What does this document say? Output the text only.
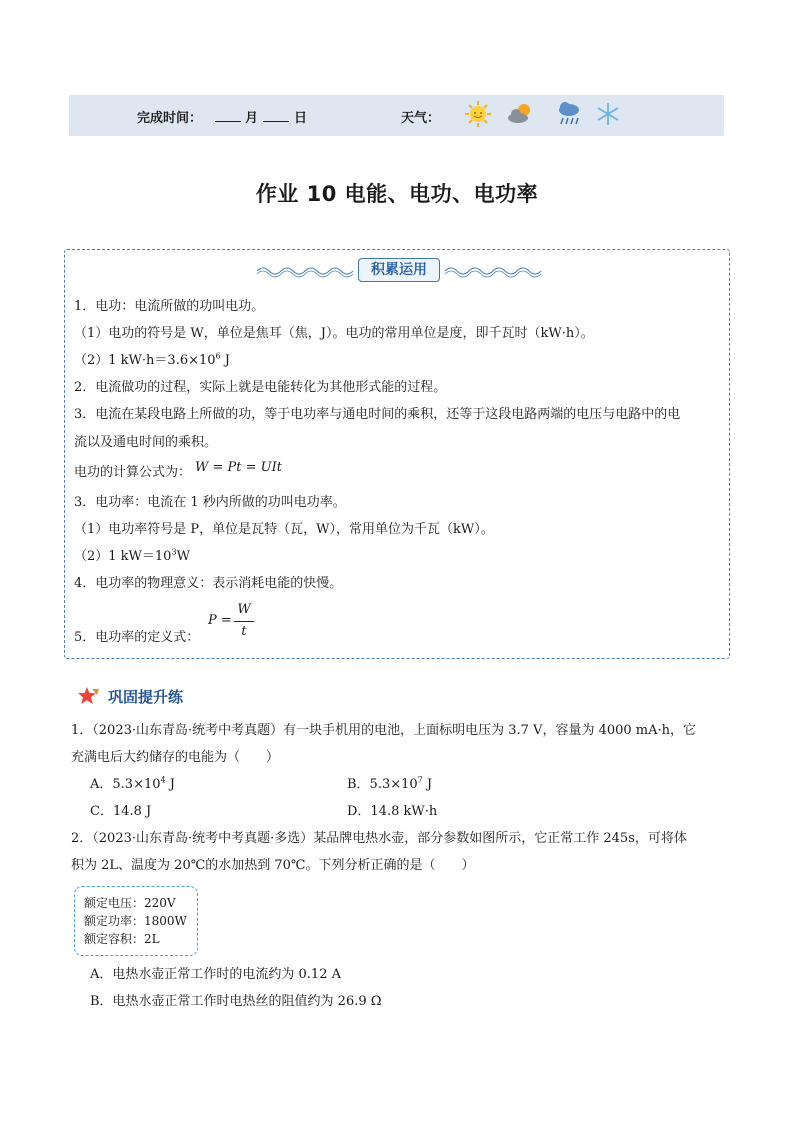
完成时间：	月	日	天气：
作业 10 电能、电功、电功率
积累运用
1．电功：电流所做的功叫电功。
（1）电功的符号是 W，单位是焦耳（焦，J）。电功的常用单位是度，即千瓦时（kW·h）。
（2）1 $kW\cdot h=3.6\times 10^6$ J
2．电流做功的过程，实际上就是电能转化为其他形式能的过程。
3．电流在某段电路上所做的功，等于电功率与通电时间的乘积，还等于这段电路两端的电压与电路中的电
流以及通电时间的乘积。
电功的计算公式为： W = Pt = UIt
3．电功率：电流在 1 秒内所做的功叫电功率。
（1）电功率符号是 P，单位是瓦特（瓦，W），常用单位为千瓦（kW）。
（2）1 $kW=10^3W$
4．电功率的物理意义：表示消耗电能的快慢。
5．电功率的定义式：
P =
W
t
巩固提升练
1．（2023·山东青岛·统考中考真题）有一块手机用的电池，上面标明电压为 3.7 V，容量为 4000 mA·h，它
充满电后大约储存的电能为（　　）
A．$5.3\times 10^4$ J	B．$5.3\times 10^7$ J
C．14.8 J	D．14.8 kW·h
2．（2023·山东青岛·统考中考真题·多选）某品牌电热水壶，部分参数如图所示，它正常工作 245s，可将体
积为 2L、温度为 20℃的水加热到 70℃。下列分析正确的是（　　）
额定电压：220V
额定功率：1800W
额定容积：2L
A．电热水壶正常工作时的电流约为 0.12 A
B．电热水壶正常工作时电热丝的阻值约为 26.9 Ω
